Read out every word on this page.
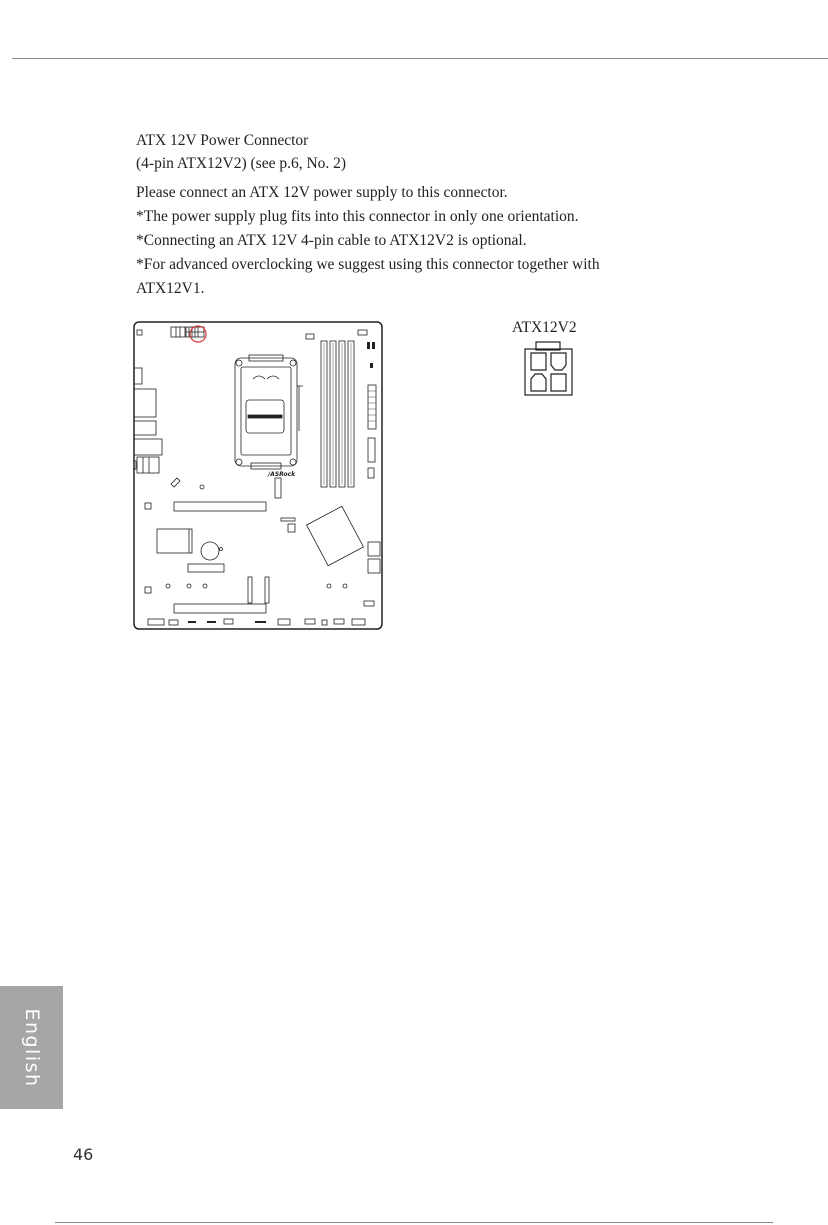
ATX 12V Power Connector
(4-pin ATX12V2) (see p.6, No. 2)

Please connect an ATX 12V power supply to this connector.

*The power supply plug fits into this connector in only one orientation.

*Connecting an ATX 12V 4-pin cable to ATX12V2 is optional.

*For advanced overclocking we suggest using this connector together with ATX12V1.

/ASRock
ATX12V2
English
46
